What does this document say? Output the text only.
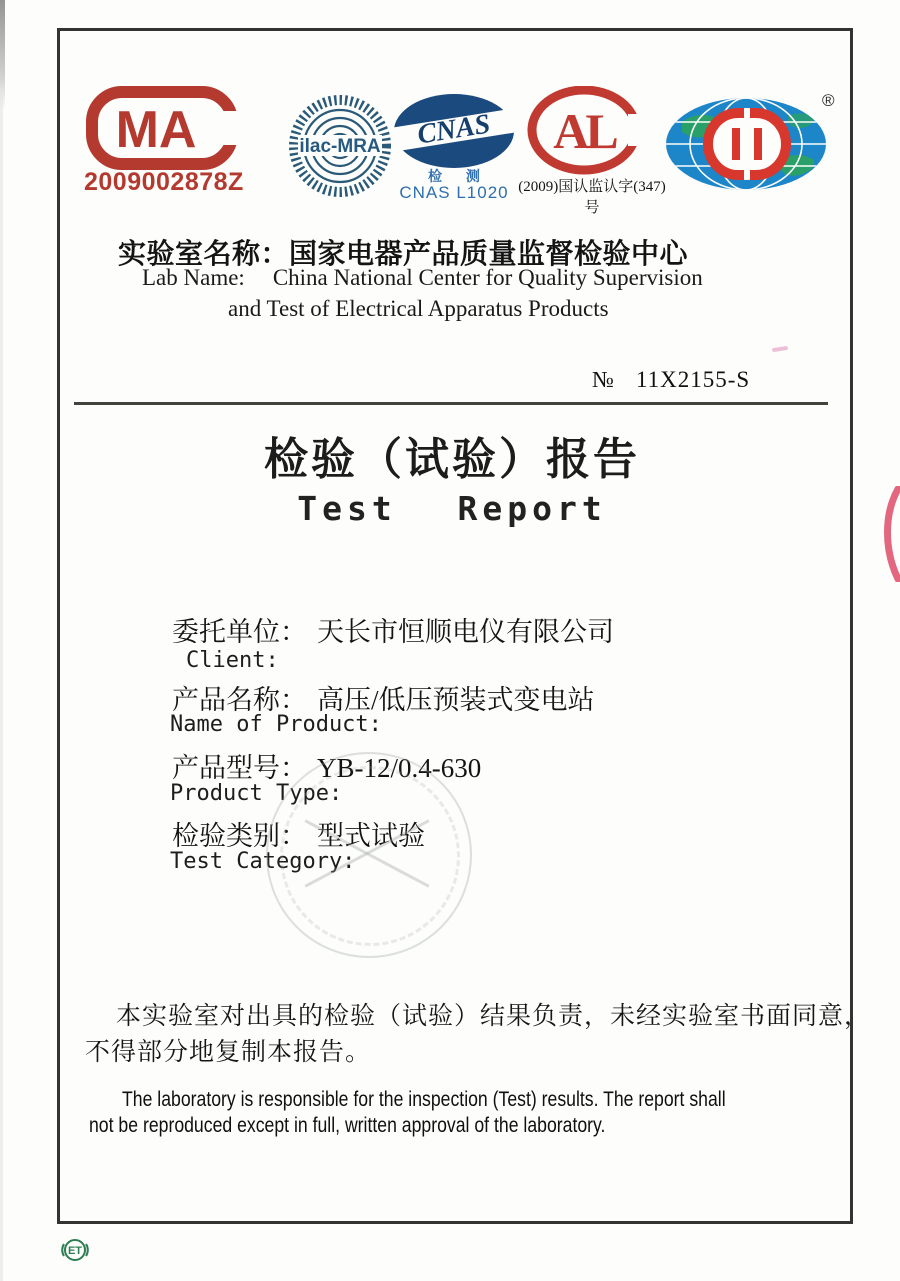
MA
2009002878Z
ilac-MRA CNAS
检 测
CNAS L1020
AL
(2009)国认监认字(347)号
®
实验室名称：国家电器产品质量监督检验中心
Lab Name: China National Center for Quality Supervision
and Test of Electrical Apparatus Products
№ 11X2155-S
检验（试验）报告
Test Report
委托单位： 天长市恒顺电仪有限公司
Client:
产品名称： 高压/低压预装式变电站
Name of Product:
产品型号： YB-12/0.4-630
Product Type:
检验类别： 型式试验
Test Category:
本实验室对出具的检验（试验）结果负责，未经实验室书面同意，
不得部分地复制本报告。
The laboratory is responsible for the inspection (Test) results. The report shall
not be reproduced except in full, written approval of the laboratory.
ET
